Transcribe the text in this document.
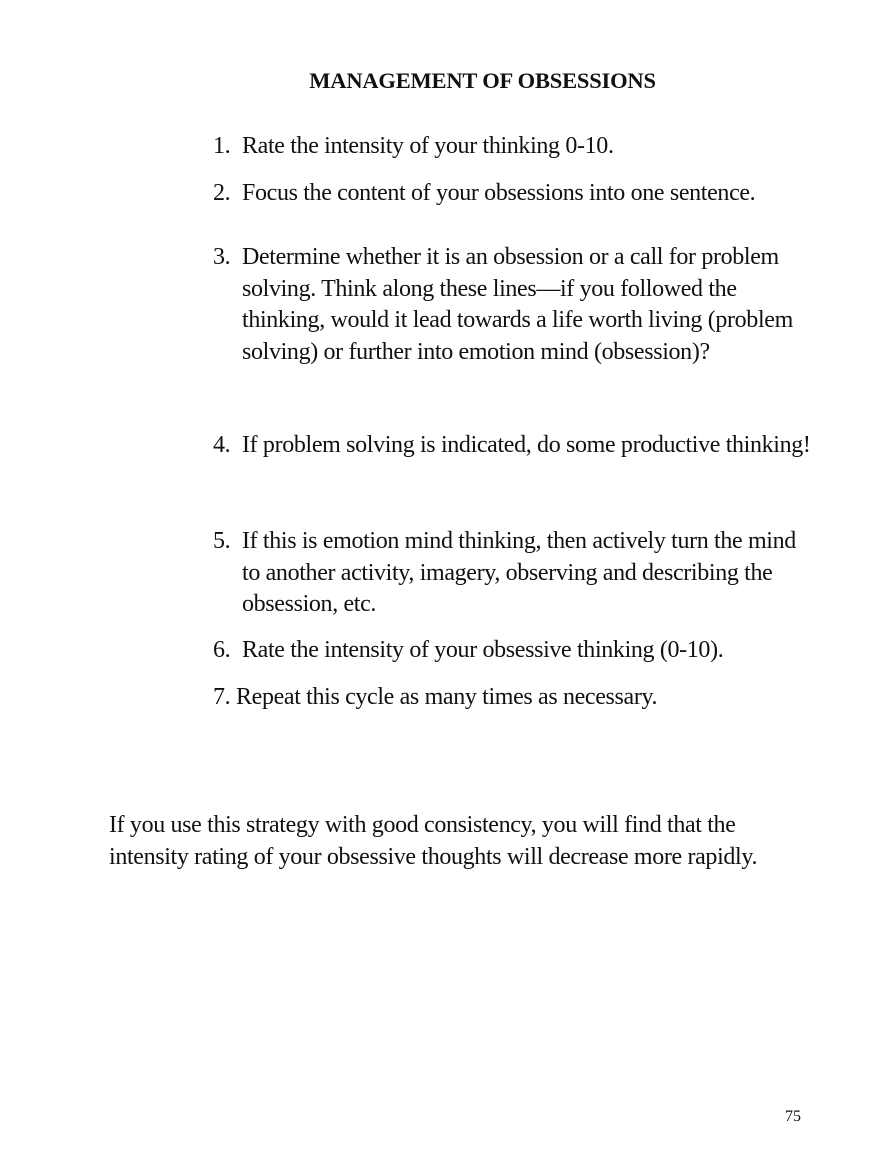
MANAGEMENT OF OBSESSIONS
1. Rate the intensity of your thinking 0-10.
2. Focus the content of your obsessions into one sentence.
3. Determine whether it is an obsession or a call for problem solving. Think along these lines—if you followed the thinking, would it lead towards a life worth living (problem solving) or further into emotion mind (obsession)?
4. If problem solving is indicated, do some productive thinking!
5. If this is emotion mind thinking, then actively turn the mind to another activity, imagery, observing and describing the obsession, etc.
6. Rate the intensity of your obsessive thinking (0-10).
7. Repeat this cycle as many times as necessary.

If you use this strategy with good consistency, you will find that the intensity rating of your obsessive thoughts will decrease more rapidly.

75
